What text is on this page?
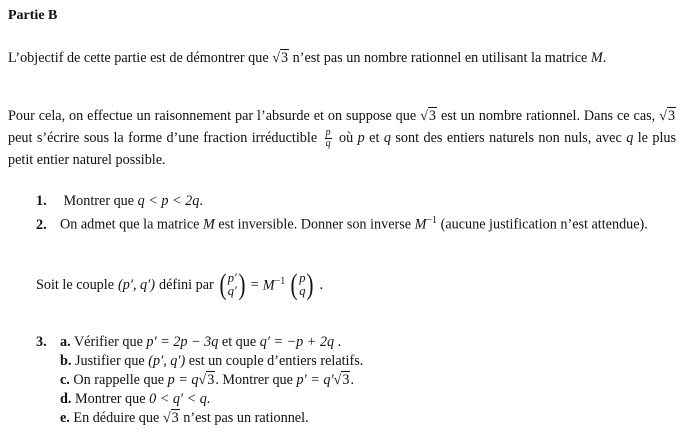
Partie B
L’objectif de cette partie est de démontrer que √3 n’est pas un nombre rationnel en utilisant la matrice M.
Pour cela, on effectue un raisonnement par l’absurde et on suppose que √3 est un nombre rationnel. Dans ce cas, √3 peut s’écrire sous la forme d’une fraction irréductible $\frac{p}{q}$ où p et q sont des entiers naturels non nuls, avec q le plus petit entier naturel possible.
1. Montrer que q < p < 2q.
2. On admet que la matrice M est inversible. Donner son inverse $M^{-1}$ (aucune justification n’est attendue).
Soit le couple (p′, q′) défini par ( p′
q′ ) = $M^{-1}$ ( p
q ) .
3. a. Vérifier que p′ = 2p − 3q et que q′ = −p + 2q .
b. Justifier que (p′, q′) est un couple d’entiers relatifs.
c. On rappelle que p = q√3. Montrer que p′ = q′√3.
d. Montrer que 0 < q′ < q.
e. En déduire que √3 n’est pas un rationnel.
